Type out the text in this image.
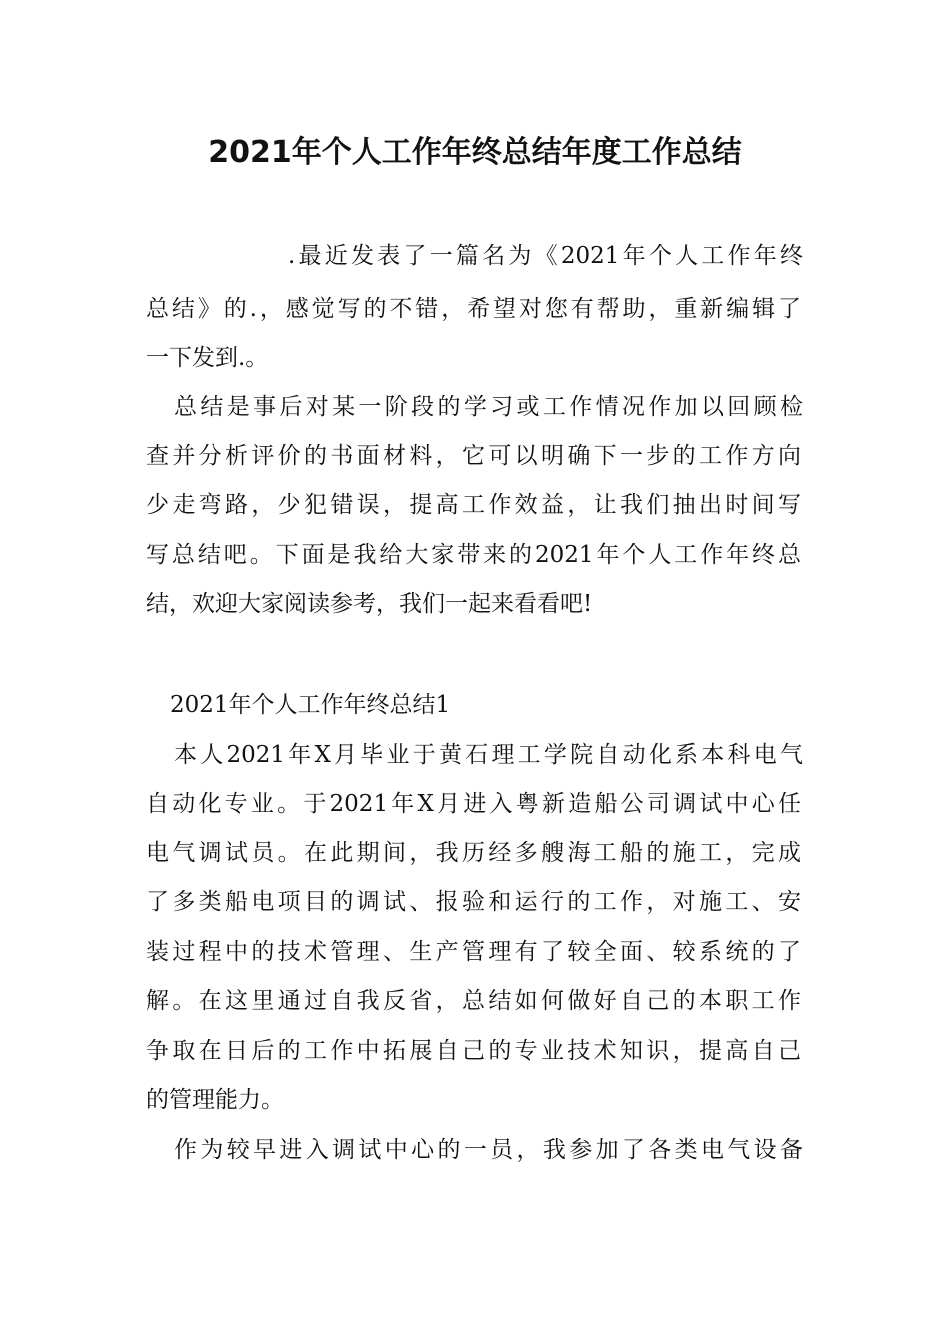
2021年个人工作年终总结年度工作总结
.最近发表了一篇名为《2021年个人工作年终
总结》的.，感觉写的不错，希望对您有帮助，重新编辑了
一下发到.。
总结是事后对某一阶段的学习或工作情况作加以回顾检
查并分析评价的书面材料，它可以明确下一步的工作方向
少走弯路，少犯错误，提高工作效益，让我们抽出时间写
写总结吧。下面是我给大家带来的2021年个人工作年终总
结，欢迎大家阅读参考，我们一起来看看吧!
2021年个人工作年终总结1
本人2021年X月毕业于黄石理工学院自动化系本科电气
自动化专业。于2021年X月进入粤新造船公司调试中心任
电气调试员。在此期间，我历经多艘海工船的施工，完成
了多类船电项目的调试、报验和运行的工作，对施工、安
装过程中的技术管理、生产管理有了较全面、较系统的了
解。在这里通过自我反省，总结如何做好自己的本职工作
争取在日后的工作中拓展自己的专业技术知识，提高自己
的管理能力。
作为较早进入调试中心的一员，我参加了各类电气设备
